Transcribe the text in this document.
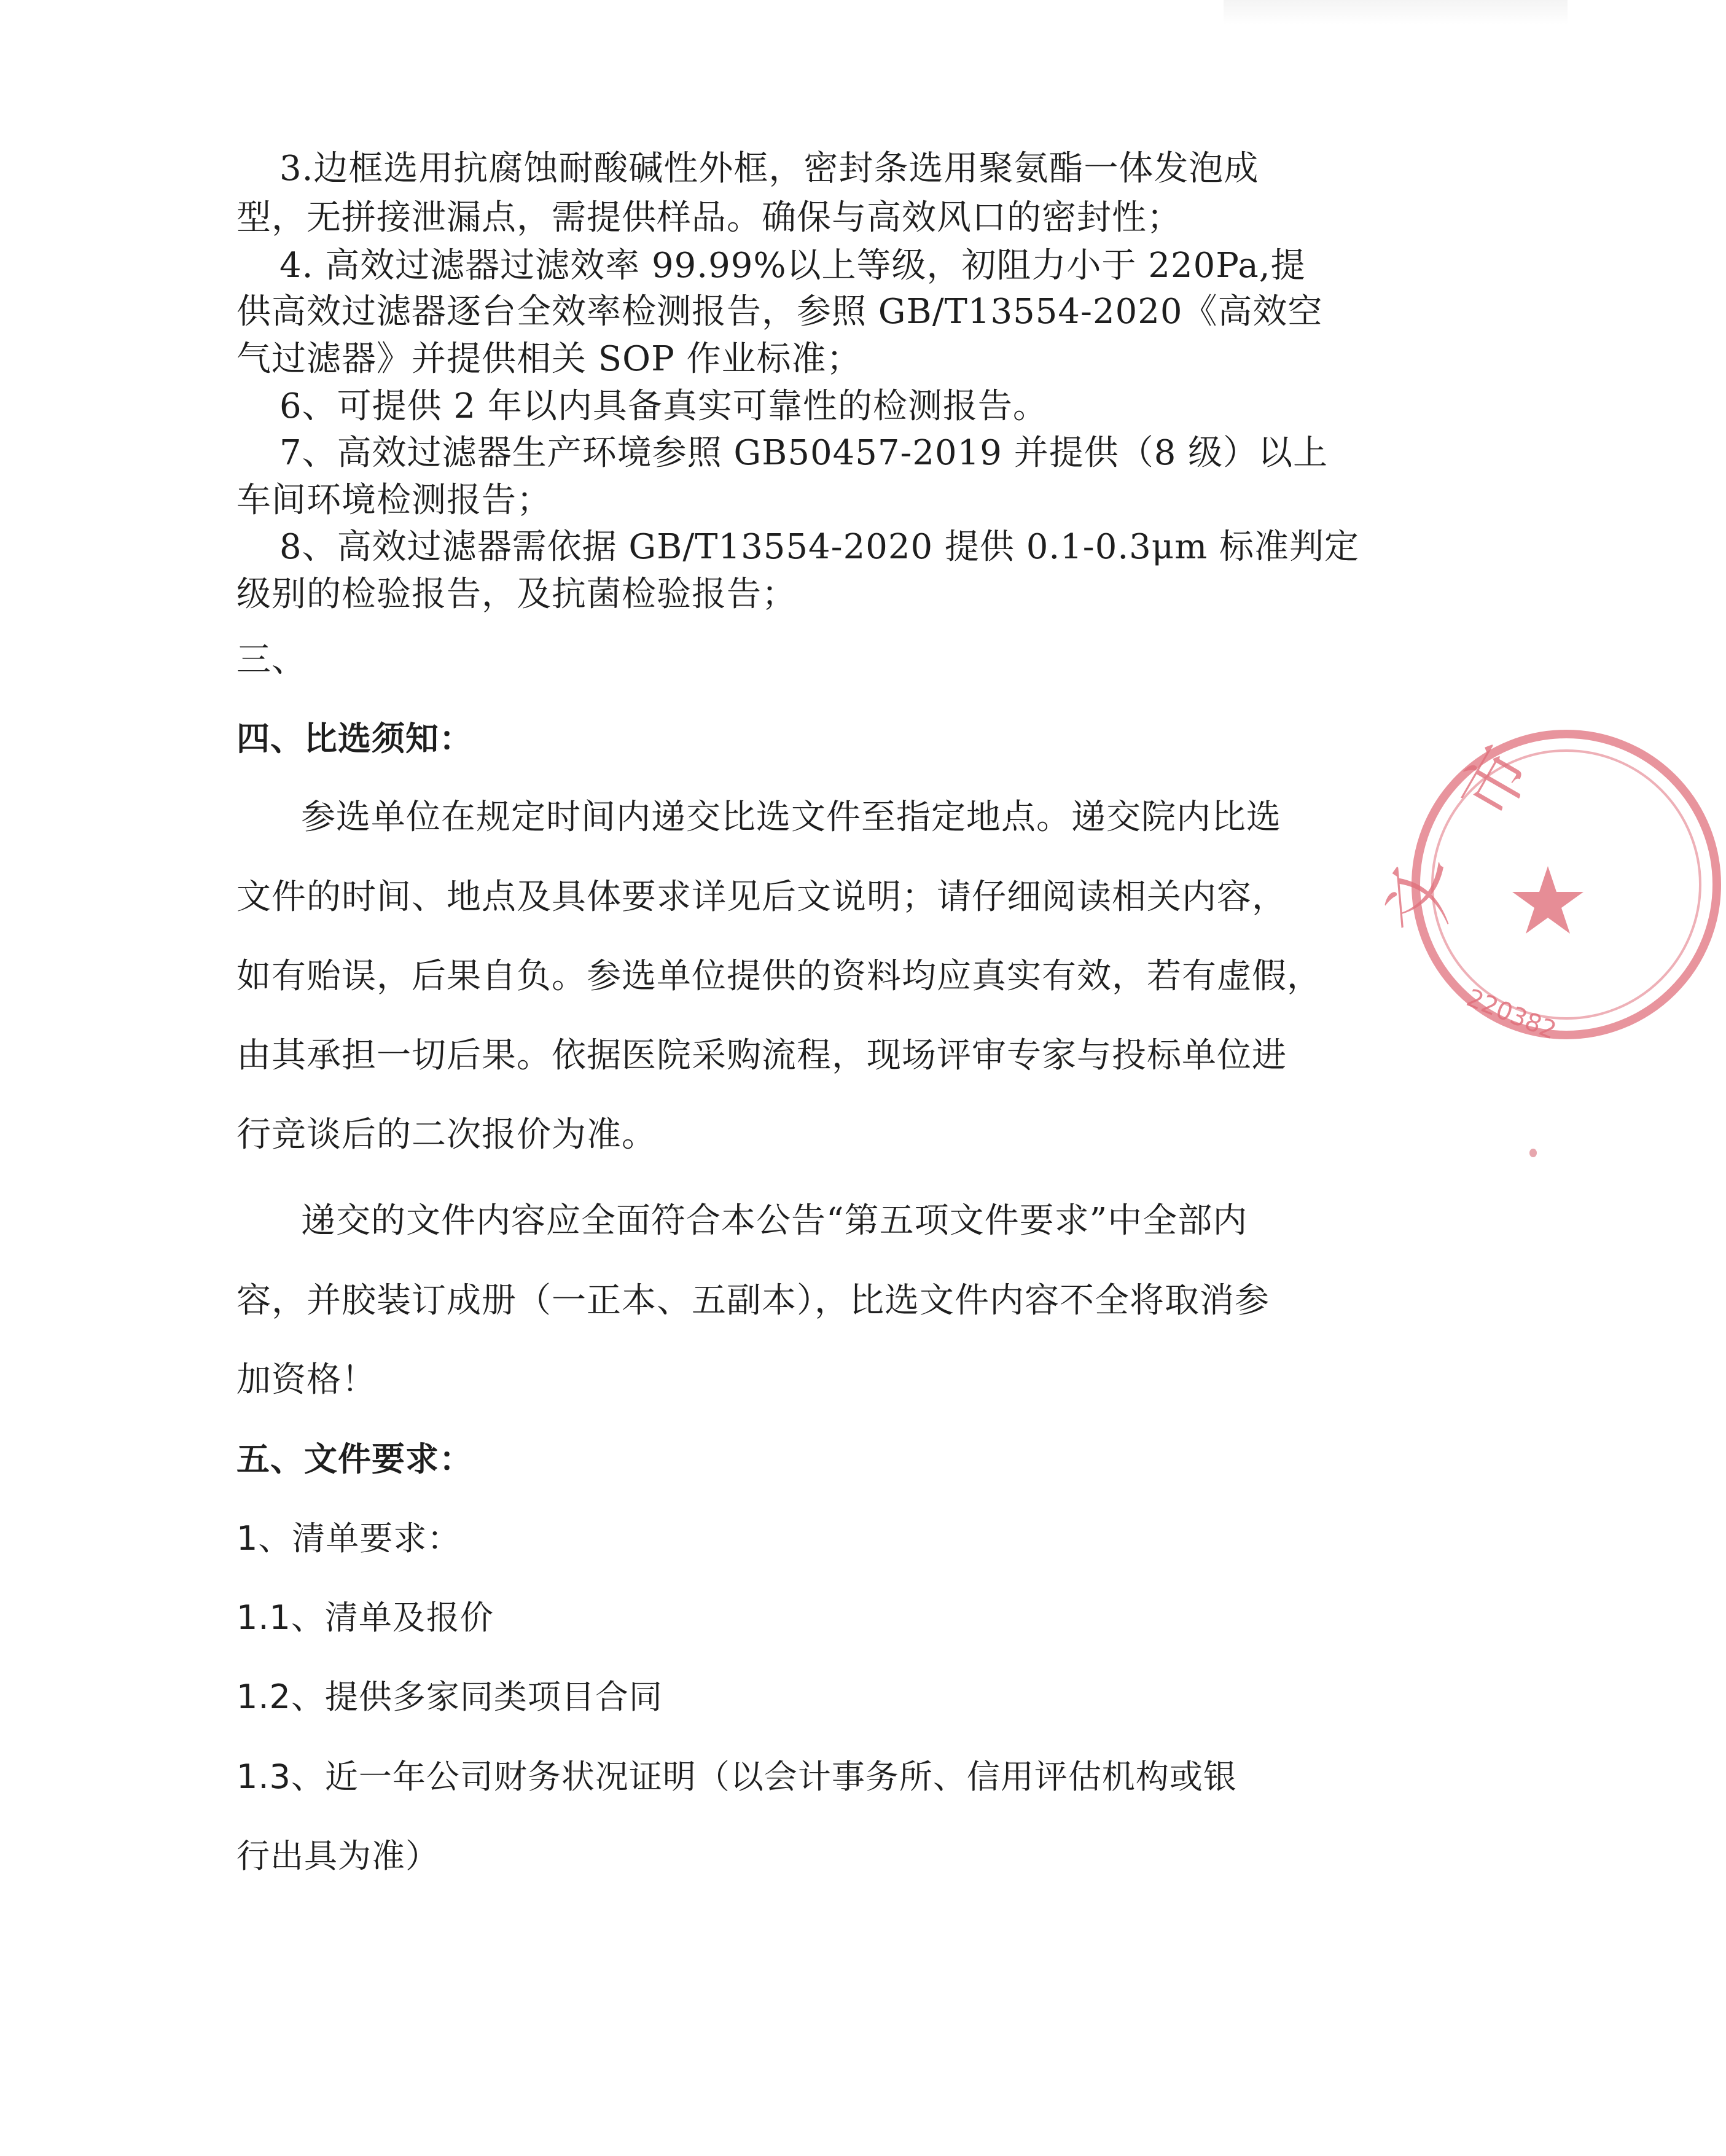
3.边框选用抗腐蚀耐酸碱性外框，密封条选用聚氨酯一体发泡成
型，无拼接泄漏点，需提供样品。确保与高效风口的密封性；
4. 高效过滤器过滤效率 99.99%以上等级，初阻力小于 220Pa,提
供高效过滤器逐台全效率检测报告，参照 GB/T13554-2020《高效空
气过滤器》并提供相关 SOP 作业标准；
6、可提供 2 年以内具备真实可靠性的检测报告。
7、高效过滤器生产环境参照 GB50457-2019 并提供（8 级）以上
车间环境检测报告；
8、高效过滤器需依据 GB/T13554-2020 提供 0.1-0.3μm 标准判定
级别的检验报告，及抗菌检验报告；
三、
四、比选须知：
参选单位在规定时间内递交比选文件至指定地点。递交院内比选
文件的时间、地点及具体要求详见后文说明；请仔细阅读相关内容，
如有贻误，后果自负。参选单位提供的资料均应真实有效，若有虚假，
由其承担一切后果。依据医院采购流程，现场评审专家与投标单位进
行竞谈后的二次报价为准。
递交的文件内容应全面符合本公告“第五项文件要求”中全部内
容，并胶装订成册（一正本、五副本），比选文件内容不全将取消参
加资格！
五、文件要求：
1、清单要求：
1.1、清单及报价
1.2、提供多家同类项目合同
1.3、近一年公司财务状况证明（以会计事务所、信用评估机构或银
行出具为准）
市
文
220382
